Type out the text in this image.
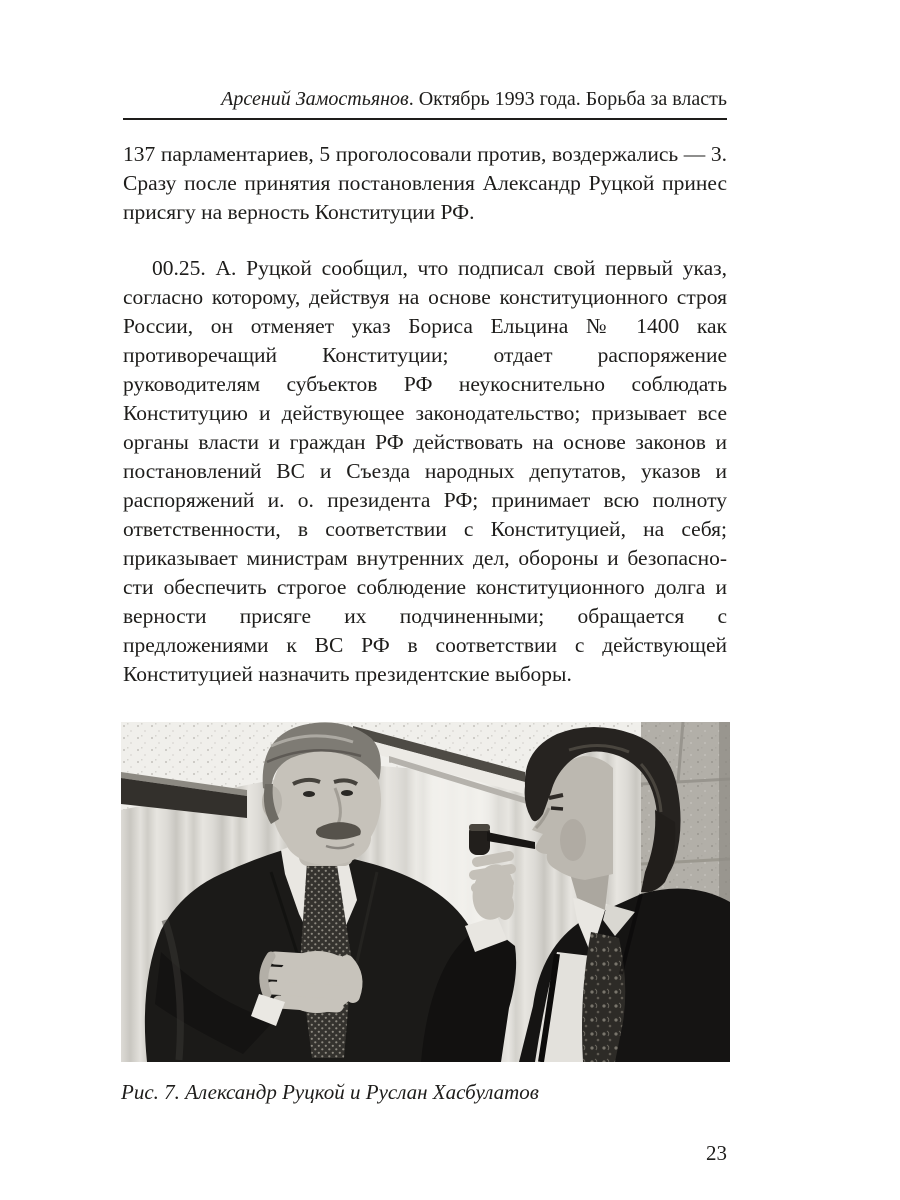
Арсений Замостьянов. Октябрь 1993 года. Борьба за власть

137 парламентариев, 5 проголосовали против, воздержались — 3. Сразу после принятия постановления Александр Руцкой принес присягу на верность Конституции РФ.

00.25. А. Руцкой сообщил, что подписал свой первый указ, согласно которому, действуя на основе конституционного строя России, он отменяет указ Бориса Ельцина № 1400 как противоречащий Конституции; отдает распоряжение руководителям субъектов РФ неукоснительно соблюдать Конституцию и действующее законодательство; призывает все органы власти и граждан РФ действовать на основе законов и постановлений ВС и Съезда народных депутатов, указов и распоряжений и. о. президента РФ; принимает всю полноту ответственности, в соответствии с Конституцией, на себя; приказывает министрам внутренних дел, обороны и безопасности обеспечить строгое соблюдение конституционного долга и верности присяге их подчиненными; обращается с предложениями к ВС РФ в соответствии с действующей Конституцией назначить президентские выборы.

Рис. 7. Александр Руцкой и Руслан Хасбулатов
23
